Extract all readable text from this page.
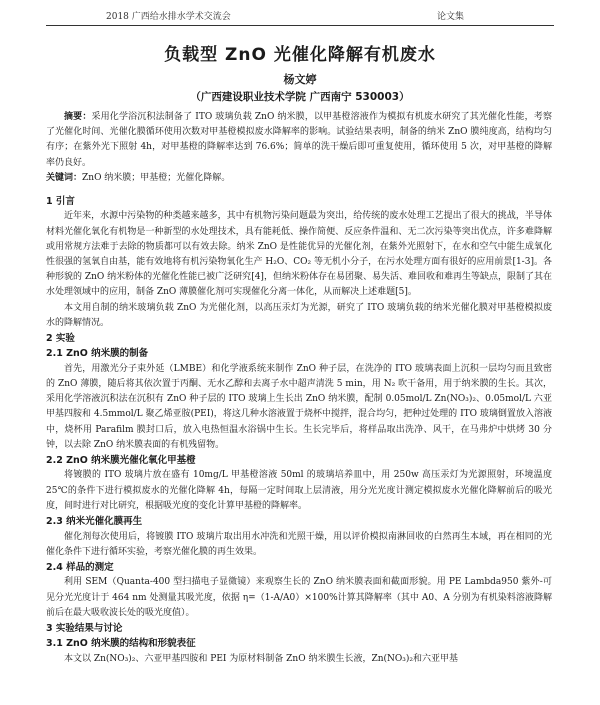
2018 广西给水排水学术交流会	论文集
负载型 ZnO 光催化降解有机废水
杨文婷
（广西建设职业技术学院 广西南宁 530003）

摘要：采用化学浴沉积法制备了 ITO 玻璃负载 ZnO 纳米膜，以甲基橙溶液作为模拟有机废水研究了其光催化性能，考察了光催化时间、光催化膜循环使用次数对甲基橙模拟废水降解率的影响。试验结果表明，制备的纳米 ZnO 膜纯度高，结构均匀有序；在紫外光下照射 4h，对甲基橙的降解率达到 76.6%；简单的洗干燥后即可重复使用，循环使用 5 次，对甲基橙的降解率仍良好。

关键词：ZnO 纳米膜；甲基橙；光催化降解。

1 引言

近年来，水源中污染物的种类越来越多，其中有机物污染问题最为突出，给传统的废水处理工艺提出了很大的挑战，半导体材料光催化氧化有机物是一种新型的水处理技术，具有能耗低、操作简便、反应条件温和、无二次污染等突出优点，许多难降解或用常规方法难于去除的物质都可以有效去除。纳米 ZnO 是性能优异的光催化剂，在紫外光照射下，在水和空气中能生成氧化性很强的氢氧自由基，能有效地将有机污染物氧化生产 H₂O、CO₂ 等无机小分子，在污水处理方面有很好的应用前景[1-3]。各种形貌的 ZnO 纳米粉体的光催化性能已被广泛研究[4]，但纳米粉体存在易团聚、易失活、难回收和难再生等缺点，限制了其在水处理领域中的应用，制备 ZnO 薄膜催化剂可实现催化分离一体化，从而解决上述难题[5]。

本文用自制的纳米玻璃负载 ZnO 为光催化剂，以高压汞灯为光源，研究了 ITO 玻璃负载的纳米光催化膜对甲基橙模拟废水的降解情况。

2 实验

2.1 ZnO 纳米膜的制备

首先，用激光分子束外延（LMBE）和化学液系统来制作 ZnO 种子层，在洗净的 ITO 玻璃表面上沉积一层均匀而且致密的 ZnO 薄膜，随后将其依次置于丙酮、无水乙醇和去离子水中超声清洗 5 min，用 N₂ 吹干备用，用于纳米膜的生长。其次，采用化学溶液沉积法在沉积有 ZnO 种子层的 ITO 玻璃上生长出 ZnO 纳米膜，配制 0.05mol/L Zn(NO₃)₂、0.05mol/L 六亚甲基四胺和 4.5mmol/L 聚乙烯亚胺(PEI)，将这几种水溶液置于烧杯中搅拌，混合均匀，把种过处理的 ITO 玻璃倒置放入溶液中，烧杯用 Parafilm 膜封口后，放入电热恒温水浴锅中生长。生长完毕后，将样品取出洗净、风干，在马弗炉中烘烤 30 分钟，以去除 ZnO 纳米膜表面的有机残留物。

2.2 ZnO 纳米膜光催化氧化甲基橙

将镀膜的 ITO 玻璃片放在盛有 10mg/L 甲基橙溶液 50ml 的玻璃培养皿中，用 250w 高压汞灯为光源照射，环境温度 25℃的条件下进行模拟废水的光催化降解 4h，每隔一定时间取上层清液，用分光光度计测定模拟废水光催化降解前后的吸光度，间时进行对比研究，根据吸光度的变化计算甲基橙的降解率。

2.3 纳米光催化膜再生

催化剂每次使用后，将镀膜 ITO 玻璃片取出用水冲洗和光照干燥，用以评价模拟南淋回收的白然再生本域，再在相同的光催化条件下进行循环实验，考察光催化膜的再生效果。

2.4 样品的测定

利用 SEM（Quanta-400 型扫描电子显微镜）来观察生长的 ZnO 纳米膜表面和截面形貌。用 PE Lambda950 紫外-可见分光光度计于 464 nm 处测量其吸光度，依据 η=（1-A/A0）×100%计算其降解率（其中 A0、A 分别为有机染料溶液降解前后在最大吸收波长处的吸光度值）。

3 实验结果与讨论

3.1 ZnO 纳米膜的结构和形貌表征

本文以 Zn(NO₃)₂、六亚甲基四胺和 PEI 为原材料制备 ZnO 纳米膜生长液，Zn(NO₃)₂和六亚甲基
